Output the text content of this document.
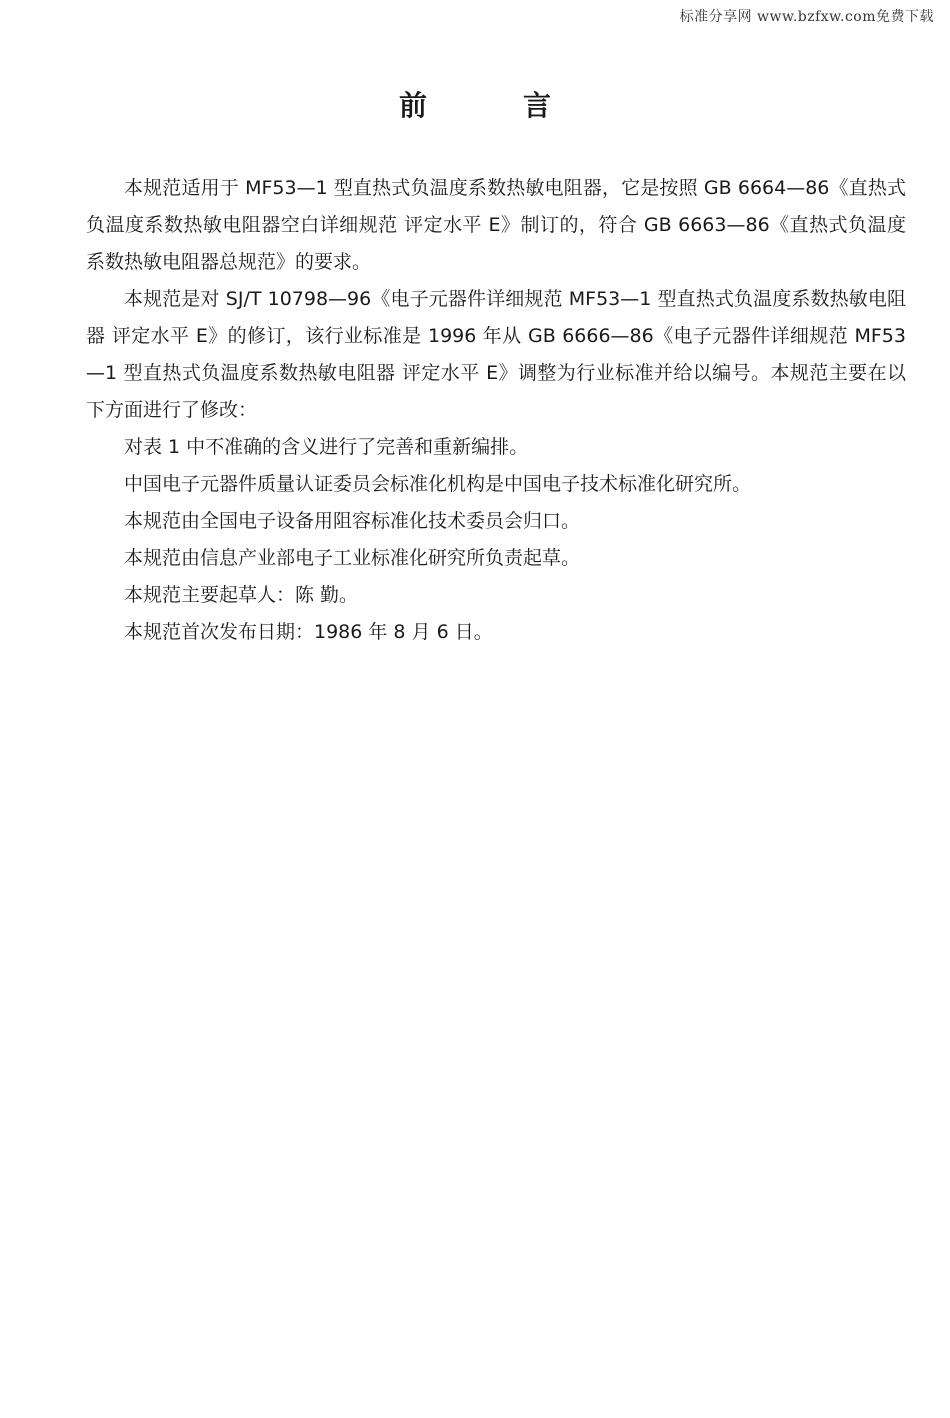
标准分享网 www.bzfxw.com免费下载
前言

本规范适用于 MF53—1 型直热式负温度系数热敏电阻器，它是按照 GB 6664—86《直热式负温度系数热敏电阻器空白详细规范 评定水平 E》制订的，符合 GB 6663—86《直热式负温度系数热敏电阻器总规范》的要求。

本规范是对 SJ/T 10798—96《电子元器件详细规范 MF53—1 型直热式负温度系数热敏电阻器 评定水平 E》的修订，该行业标准是 1996 年从 GB 6666—86《电子元器件详细规范 MF53—1 型直热式负温度系数热敏电阻器 评定水平 E》调整为行业标准并给以编号。本规范主要在以下方面进行了修改：

对表 1 中不准确的含义进行了完善和重新编排。

中国电子元器件质量认证委员会标准化机构是中国电子技术标准化研究所。

本规范由全国电子设备用阻容标准化技术委员会归口。

本规范由信息产业部电子工业标准化研究所负责起草。

本规范主要起草人：陈 勤。

本规范首次发布日期：1986 年 8 月 6 日。
